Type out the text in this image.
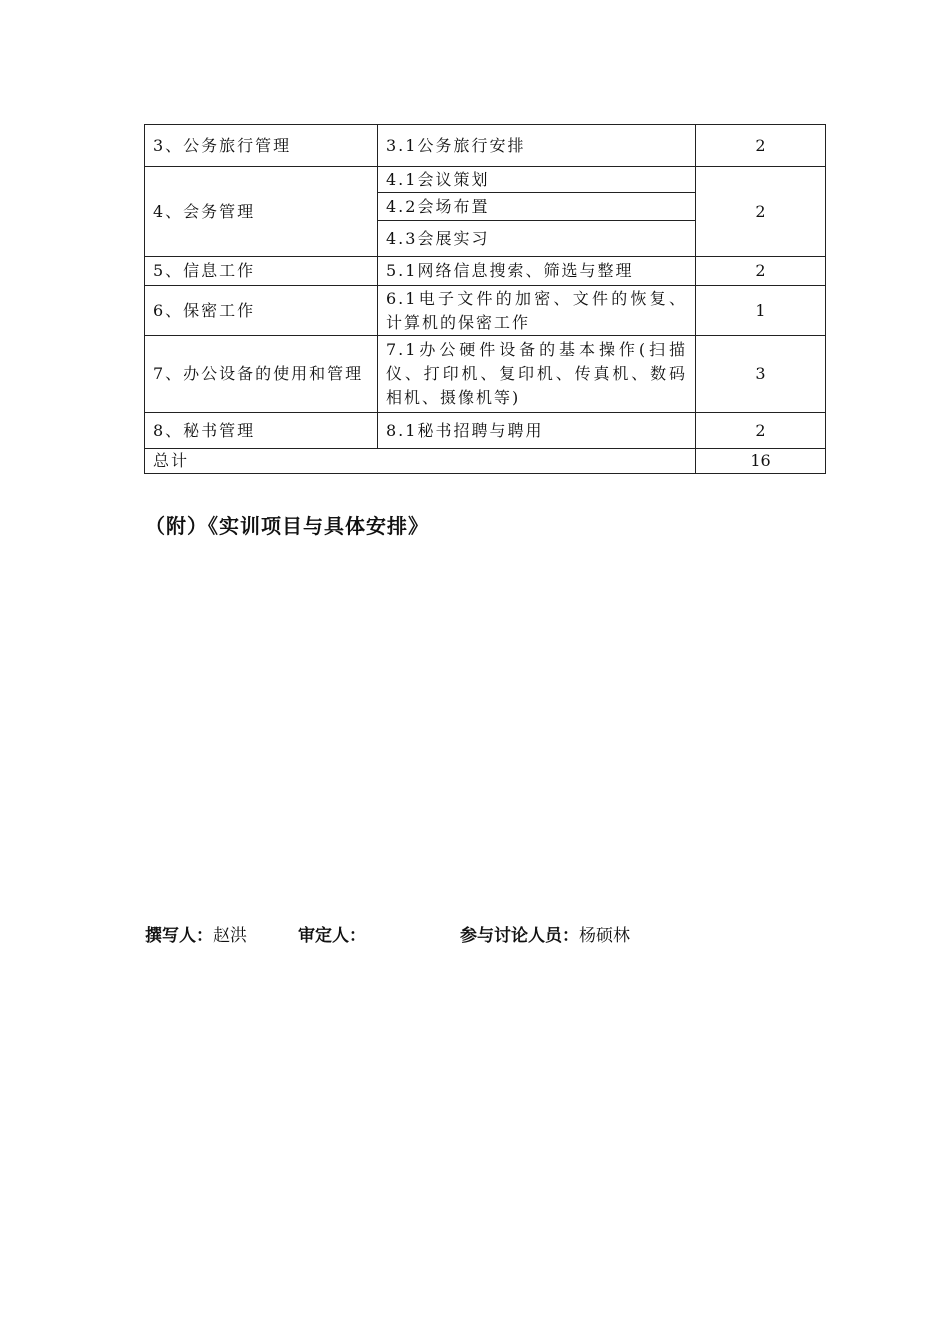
3、公务旅行管理	3.1公务旅行安排	2
4、会务管理	4.1会议策划	2
	4.2会场布置	
	4.3会展实习	
5、信息工作	5.1网络信息搜索、筛选与整理	2
6、保密工作	6.1电子文件的加密、文件的恢复、计算机的保密工作	1
7、办公设备的使用和管理	7.1办公硬件设备的基本操作(扫描仪、打印机、复印机、传真机、数码相机、摄像机等)	3
8、秘书管理	8.1秘书招聘与聘用	2
总计		16
（附）《实训项目与具体安排》
撰写人：赵洪	审定人：	参与讨论人员：杨硕林
